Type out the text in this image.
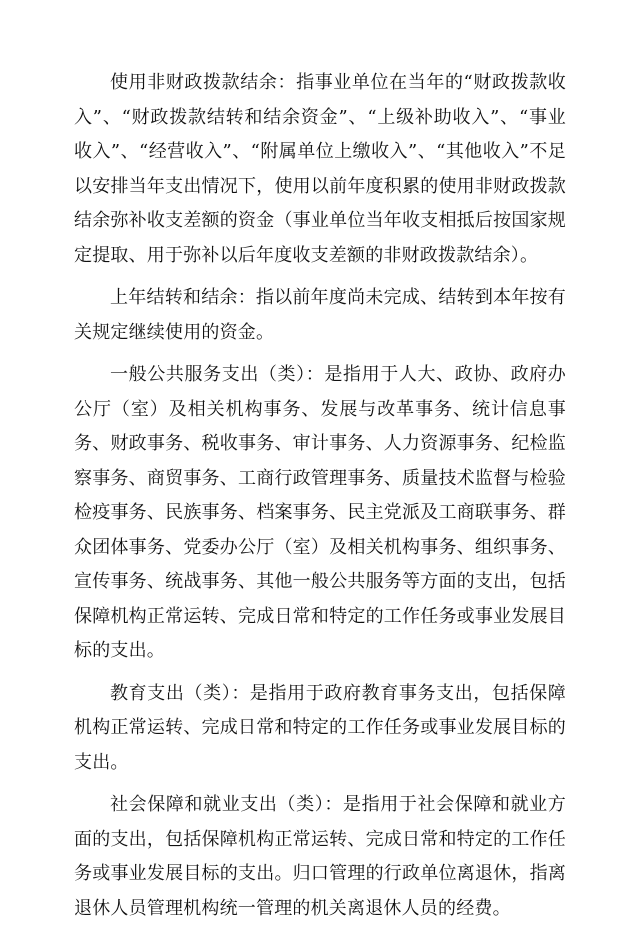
使用非财政拨款结余：指事业单位在当年的“财政拨款收入”、“财政拨款结转和结余资金”、“上级补助收入”、“事业收入”、“经营收入”、“附属单位上缴收入”、“其他收入”不足以安排当年支出情况下，使用以前年度积累的使用非财政拨款结余弥补收支差额的资金（事业单位当年收支相抵后按国家规定提取、用于弥补以后年度收支差额的非财政拨款结余）。

上年结转和结余：指以前年度尚未完成、结转到本年按有关规定继续使用的资金。

一般公共服务支出（类）：是指用于人大、政协、政府办公厅（室）及相关机构事务、发展与改革事务、统计信息事务、财政事务、税收事务、审计事务、人力资源事务、纪检监察事务、商贸事务、工商行政管理事务、质量技术监督与检验检疫事务、民族事务、档案事务、民主党派及工商联事务、群众团体事务、党委办公厅（室）及相关机构事务、组织事务、宣传事务、统战事务、其他一般公共服务等方面的支出，包括保障机构正常运转、完成日常和特定的工作任务或事业发展目标的支出。

教育支出（类）：是指用于政府教育事务支出，包括保障机构正常运转、完成日常和特定的工作任务或事业发展目标的支出。

社会保障和就业支出（类）：是指用于社会保障和就业方面的支出，包括保障机构正常运转、完成日常和特定的工作任务或事业发展目标的支出。归口管理的行政单位离退休，指离退休人员管理机构统一管理的机关离退休人员的经费。
